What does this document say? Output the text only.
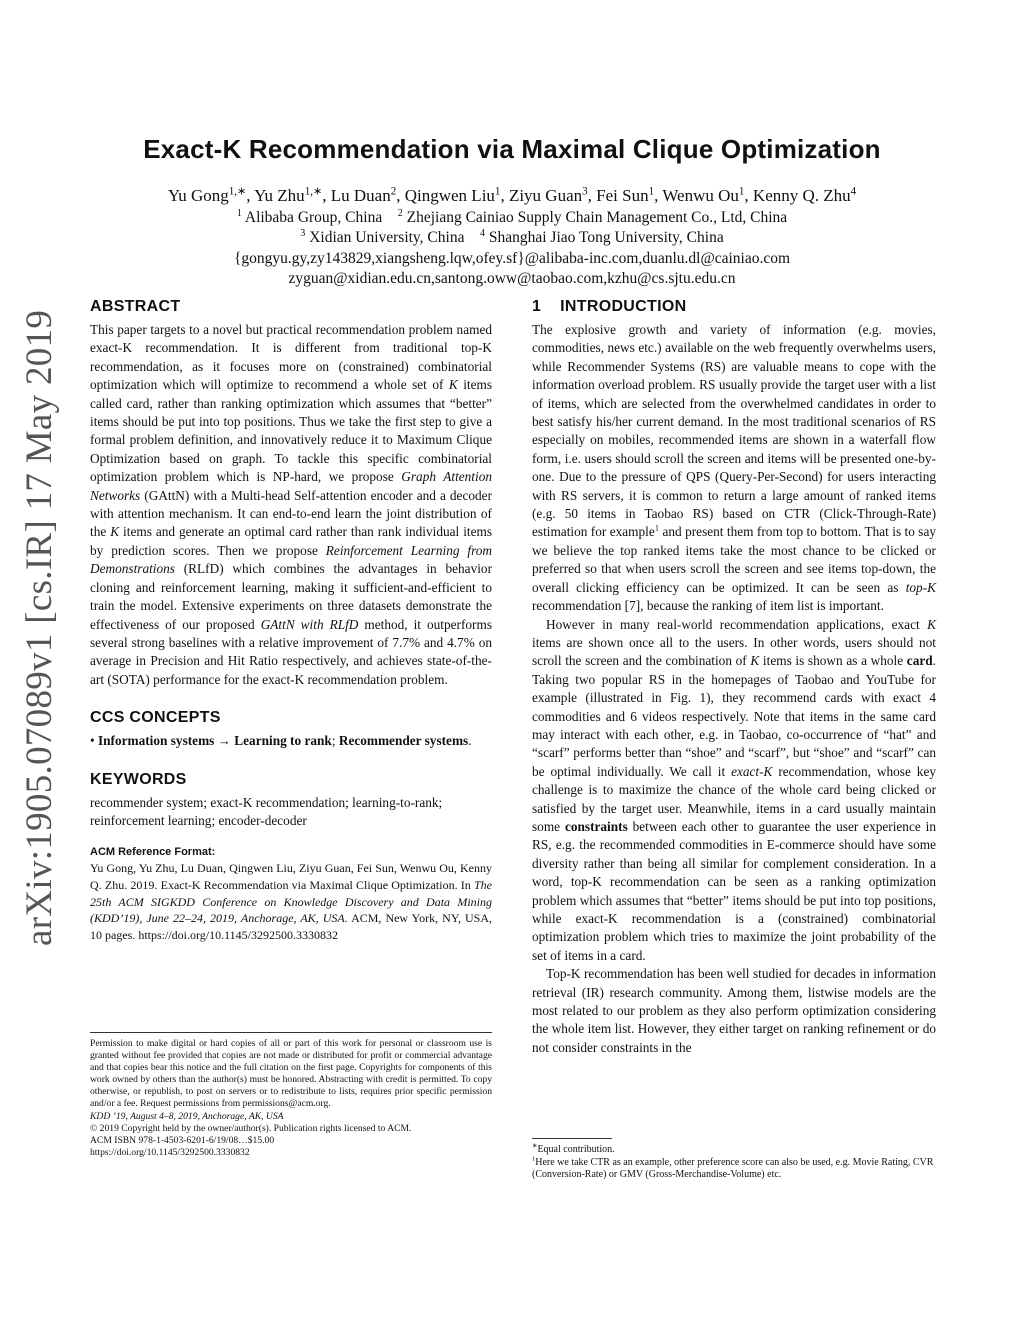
arXiv:1905.07089v1 [cs.IR] 17 May 2019
Exact-K Recommendation via Maximal Clique Optimization
Yu Gong$^{1,∗}$, Yu Zhu$^{1,∗}$, Lu Duan$^2$, Qingwen Liu$^1$, Ziyu Guan$^3$, Fei Sun$^1$, Wenwu Ou$^1$, Kenny Q. Zhu$^4$
$^1$ Alibaba Group, China $^2$ Zhejiang Cainiao Supply Chain Management Co., Ltd, China
$^3$ Xidian University, China $^4$ Shanghai Jiao Tong University, China
{gongyu.gy,zy143829,xiangsheng.lqw,ofey.sf}@alibaba-inc.com,duanlu.dl@cainiao.com
zyguan@xidian.edu.cn,santong.oww@taobao.com,kzhu@cs.sjtu.edu.cn
ABSTRACT

This paper targets to a novel but practical recommendation problem named exact-K recommendation. It is different from traditional top-K recommendation, as it focuses more on (constrained) combinatorial optimization which will optimize to recommend a whole set of K items called card, rather than ranking optimization which assumes that “better” items should be put into top positions. Thus we take the first step to give a formal problem definition, and innovatively reduce it to Maximum Clique Optimization based on graph. To tackle this specific combinatorial optimization problem which is NP-hard, we propose Graph Attention Networks (GAttN) with a Multi-head Self-attention encoder and a decoder with attention mechanism. It can end-to-end learn the joint distribution of the K items and generate an optimal card rather than rank individual items by prediction scores. Then we propose Reinforcement Learning from Demonstrations (RLfD) which combines the advantages in behavior cloning and reinforcement learning, making it sufficient-and-efficient to train the model. Extensive experiments on three datasets demonstrate the effectiveness of our proposed GAttN with RLfD method, it outperforms several strong baselines with a relative improvement of 7.7% and 4.7% on average in Precision and Hit Ratio respectively, and achieves state-of-the-art (SOTA) performance for the exact-K recommendation problem.

CCS CONCEPTS

• Information systems → Learning to rank; Recommender systems.

KEYWORDS

recommender system; exact-K recommendation; learning-to-rank; reinforcement learning; encoder-decoder

ACM Reference Format:

Yu Gong, Yu Zhu, Lu Duan, Qingwen Liu, Ziyu Guan, Fei Sun, Wenwu Ou, Kenny Q. Zhu. 2019. Exact-K Recommendation via Maximal Clique Optimization. In The 25th ACM SIGKDD Conference on Knowledge Discovery and Data Mining (KDD’19), June 22–24, 2019, Anchorage, AK, USA. ACM, New York, NY, USA, 10 pages. https://doi.org/10.1145/3292500.3330832

Permission to make digital or hard copies of all or part of this work for personal or classroom use is granted without fee provided that copies are not made or distributed for profit or commercial advantage and that copies bear this notice and the full citation on the first page. Copyrights for components of this work owned by others than the author(s) must be honored. Abstracting with credit is permitted. To copy otherwise, or republish, to post on servers or to redistribute to lists, requires prior specific permission and/or a fee. Request permissions from permissions@acm.org.

KDD ’19, August 4–8, 2019, Anchorage, AK, USA

© 2019 Copyright held by the owner/author(s). Publication rights licensed to ACM.

ACM ISBN 978-1-4503-6201-6/19/08…$15.00

https://doi.org/10.1145/3292500.3330832

1    INTRODUCTION

The explosive growth and variety of information (e.g. movies, commodities, news etc.) available on the web frequently overwhelms users, while Recommender Systems (RS) are valuable means to cope with the information overload problem. RS usually provide the target user with a list of items, which are selected from the overwhelmed candidates in order to best satisfy his/her current demand. In the most traditional scenarios of RS especially on mobiles, recommended items are shown in a waterfall flow form, i.e. users should scroll the screen and items will be presented one-by-one. Due to the pressure of QPS (Query-Per-Second) for users interacting with RS servers, it is common to return a large amount of ranked items (e.g. 50 items in Taobao RS) based on CTR (Click-Through-Rate) estimation for example$^1$ and present them from top to bottom. That is to say we believe the top ranked items take the most chance to be clicked or preferred so that when users scroll the screen and see items top-down, the overall clicking efficiency can be optimized. It can be seen as top-K recommendation [7], because the ranking of item list is important.

However in many real-world recommendation applications, exact K items are shown once all to the users. In other words, users should not scroll the screen and the combination of K items is shown as a whole card. Taking two popular RS in the homepages of Taobao and YouTube for example (illustrated in Fig. 1), they recommend cards with exact 4 commodities and 6 videos respectively. Note that items in the same card may interact with each other, e.g. in Taobao, co-occurrence of “hat” and “scarf” performs better than “shoe” and “scarf”, but “shoe” and “scarf” can be optimal individually. We call it exact-K recommendation, whose key challenge is to maximize the chance of the whole card being clicked or satisfied by the target user. Meanwhile, items in a card usually maintain some constraints between each other to guarantee the user experience in RS, e.g. the recommended commodities in E-commerce should have some diversity rather than being all similar for complement consideration. In a word, top-K recommendation can be seen as a ranking optimization problem which assumes that “better” items should be put into top positions, while exact-K recommendation is a (constrained) combinatorial optimization problem which tries to maximize the joint probability of the set of items in a card.

Top-K recommendation has been well studied for decades in information retrieval (IR) research community. Among them, listwise models are the most related to our problem as they also perform optimization considering the whole item list. However, they either target on ranking refinement or do not consider constraints in the

∗Equal contribution.

$^1$Here we take CTR as an example, other preference score can also be used, e.g. Movie Rating, CVR (Conversion-Rate) or GMV (Gross-Merchandise-Volume) etc.
